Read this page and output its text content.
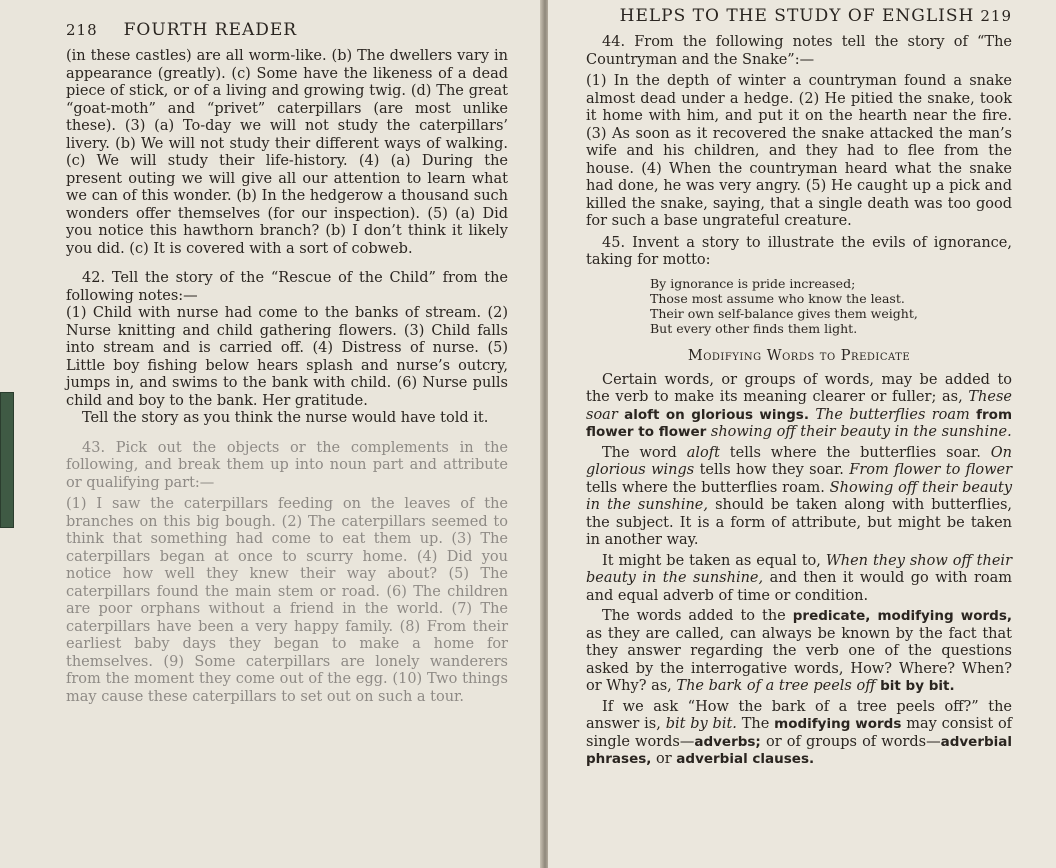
218 FOURTH READER

(in these castles) are all worm-like. (b) The dwellers vary in appearance (greatly). (c) Some have the likeness of a dead piece of stick, or of a living and growing twig. (d) The great “goat-moth” and “privet” caterpillars (are most unlike these). (3) (a) To-day we will not study the caterpillars’ livery. (b) We will not study their different ways of walking. (c) We will study their life-history. (4) (a) During the present outing we will give all our attention to learn what we can of this wonder. (b) In the hedgerow a thousand such wonders offer themselves (for our inspection). (5) (a) Did you notice this hawthorn branch? (b) I don’t think it likely you did. (c) It is covered with a sort of cobweb.

42. Tell the story of the “Rescue of the Child” from the following notes:—

(1) Child with nurse had come to the banks of stream. (2) Nurse knitting and child gathering flowers. (3) Child falls into stream and is carried off. (4) Distress of nurse. (5) Little boy fishing below hears splash and nurse’s outcry, jumps in, and swims to the bank with child. (6) Nurse pulls child and boy to the bank. Her gratitude.

Tell the story as you think the nurse would have told it.

43. Pick out the objects or the complements in the following, and break them up into noun part and attribute or qualifying part:—

(1) I saw the caterpillars feeding on the leaves of the branches on this big bough. (2) The caterpillars seemed to think that something had come to eat them up. (3) The caterpillars began at once to scurry home. (4) Did you notice how well they knew their way about? (5) The caterpillars found the main stem or road. (6) The children are poor orphans without a friend in the world. (7) The caterpillars have been a very happy family. (8) From their earliest baby days they began to make a home for themselves. (9) Some caterpillars are lonely wanderers from the moment they come out of the egg. (10) Two things may cause these caterpillars to set out on such a tour.

HELPS TO THE STUDY OF ENGLISH 219

44. From the following notes tell the story of “The Countryman and the Snake”:—

(1) In the depth of winter a countryman found a snake almost dead under a hedge. (2) He pitied the snake, took it home with him, and put it on the hearth near the fire. (3) As soon as it recovered the snake attacked the man’s wife and his children, and they had to flee from the house. (4) When the countryman heard what the snake had done, he was very angry. (5) He caught up a pick and killed the snake, saying, that a single death was too good for such a base ungrateful creature.

45. Invent a story to illustrate the evils of ignorance, taking for motto:

By ignorance is pride increased;
Those most assume who know the least.
Their own self-balance gives them weight,
But every other finds them light.
Modifying Words to Predicate

Certain words, or groups of words, may be added to the verb to make its meaning clearer or fuller; as, These soar aloft on glorious wings. The butterflies roam from flower to flower showing off their beauty in the sunshine.

The word aloft tells where the butterflies soar. On glorious wings tells how they soar. From flower to flower tells where the butterflies roam. Showing off their beauty in the sunshine, should be taken along with butterflies, the subject. It is a form of attribute, but might be taken in another way.

It might be taken as equal to, When they show off their beauty in the sunshine, and then it would go with roam and equal adverb of time or condition.

The words added to the predicate, modifying words, as they are called, can always be known by the fact that they answer regarding the verb one of the questions asked by the interrogative words, How? Where? When? or Why? as, The bark of a tree peels off bit by bit.

If we ask “How the bark of a tree peels off?” the answer is, bit by bit. The modifying words may consist of single words—adverbs; or of groups of words—adverbial phrases, or adverbial clauses.
